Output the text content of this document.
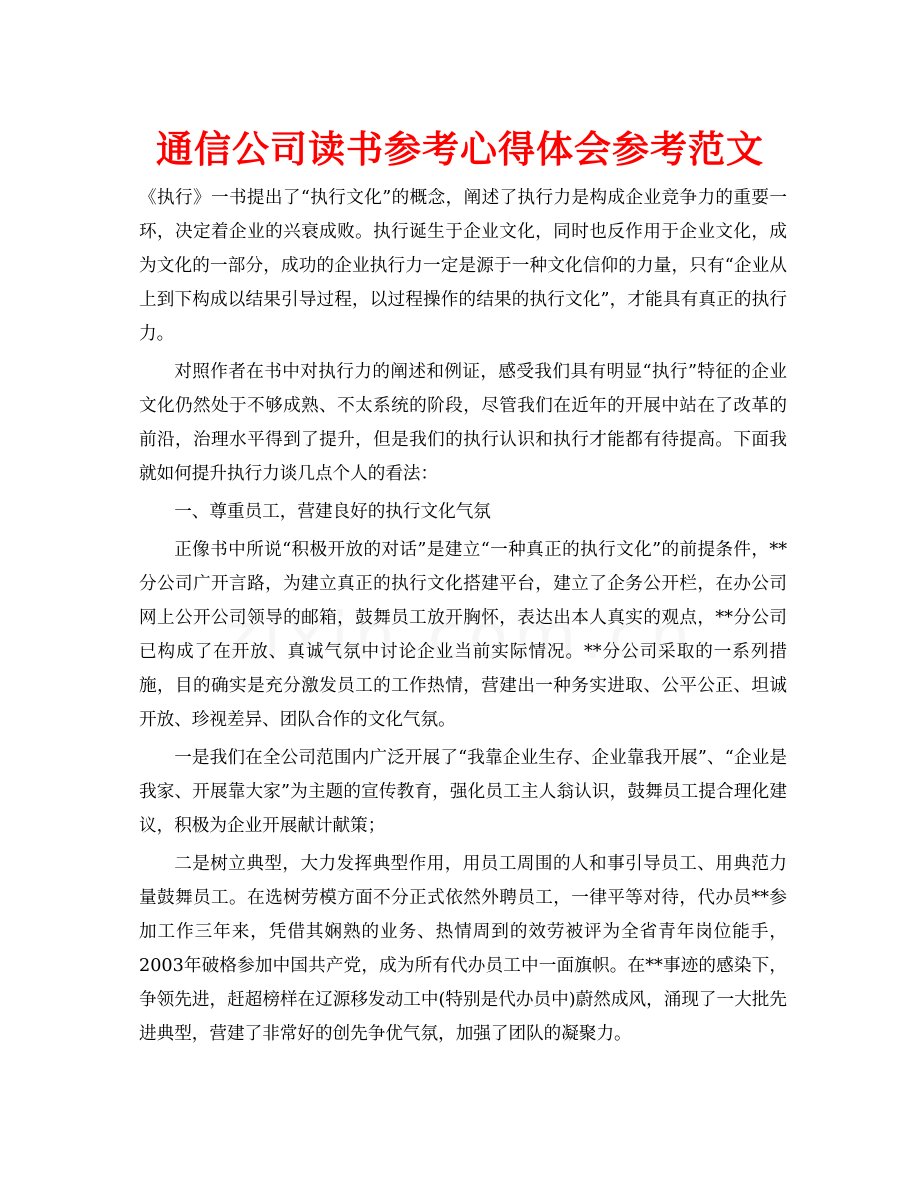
通信公司读书参考心得体会参考范文

《执行》一书提出了“执行文化”的概念，阐述了执行力是构成企业竞争力的重要一环，决定着企业的兴衰成败。执行诞生于企业文化，同时也反作用于企业文化，成为文化的一部分，成功的企业执行力一定是源于一种文化信仰的力量，只有“企业从上到下构成以结果引导过程，以过程操作的结果的执行文化”，才能具有真正的执行力。

对照作者在书中对执行力的阐述和例证，感受我们具有明显“执行”特征的企业文化仍然处于不够成熟、不太系统的阶段，尽管我们在近年的开展中站在了改革的前沿，治理水平得到了提升，但是我们的执行认识和执行才能都有待提高。下面我就如何提升执行力谈几点个人的看法：

一、尊重员工，营建良好的执行文化气氛

正像书中所说“积极开放的对话”是建立“一种真正的执行文化”的前提条件，**分公司广开言路，为建立真正的执行文化搭建平台，建立了企务公开栏，在办公司网上公开公司领导的邮箱，鼓舞员工放开胸怀，表达出本人真实的观点，**分公司已构成了在开放、真诚气氛中讨论企业当前实际情况。**分公司采取的一系列措施，目的确实是充分激发员工的工作热情，营建出一种务实进取、公平公正、坦诚开放、珍视差异、团队合作的文化气氛。

一是我们在全公司范围内广泛开展了“我靠企业生存、企业靠我开展”、“企业是我家、开展靠大家”为主题的宣传教育，强化员工主人翁认识，鼓舞员工提合理化建议，积极为企业开展献计献策；

二是树立典型，大力发挥典型作用，用员工周围的人和事引导员工、用典范力量鼓舞员工。在选树劳模方面不分正式依然外聘员工，一律平等对待，代办员**参加工作三年来，凭借其娴熟的业务、热情周到的效劳被评为全省青年岗位能手，2003年破格参加中国共产党，成为所有代办员工中一面旗帜。在**事迹的感染下，争领先进，赶超榜样在辽源移发动工中(特别是代办员中)蔚然成风，涌现了一大批先进典型，营建了非常好的创先争优气氛，加强了团队的凝聚力。
